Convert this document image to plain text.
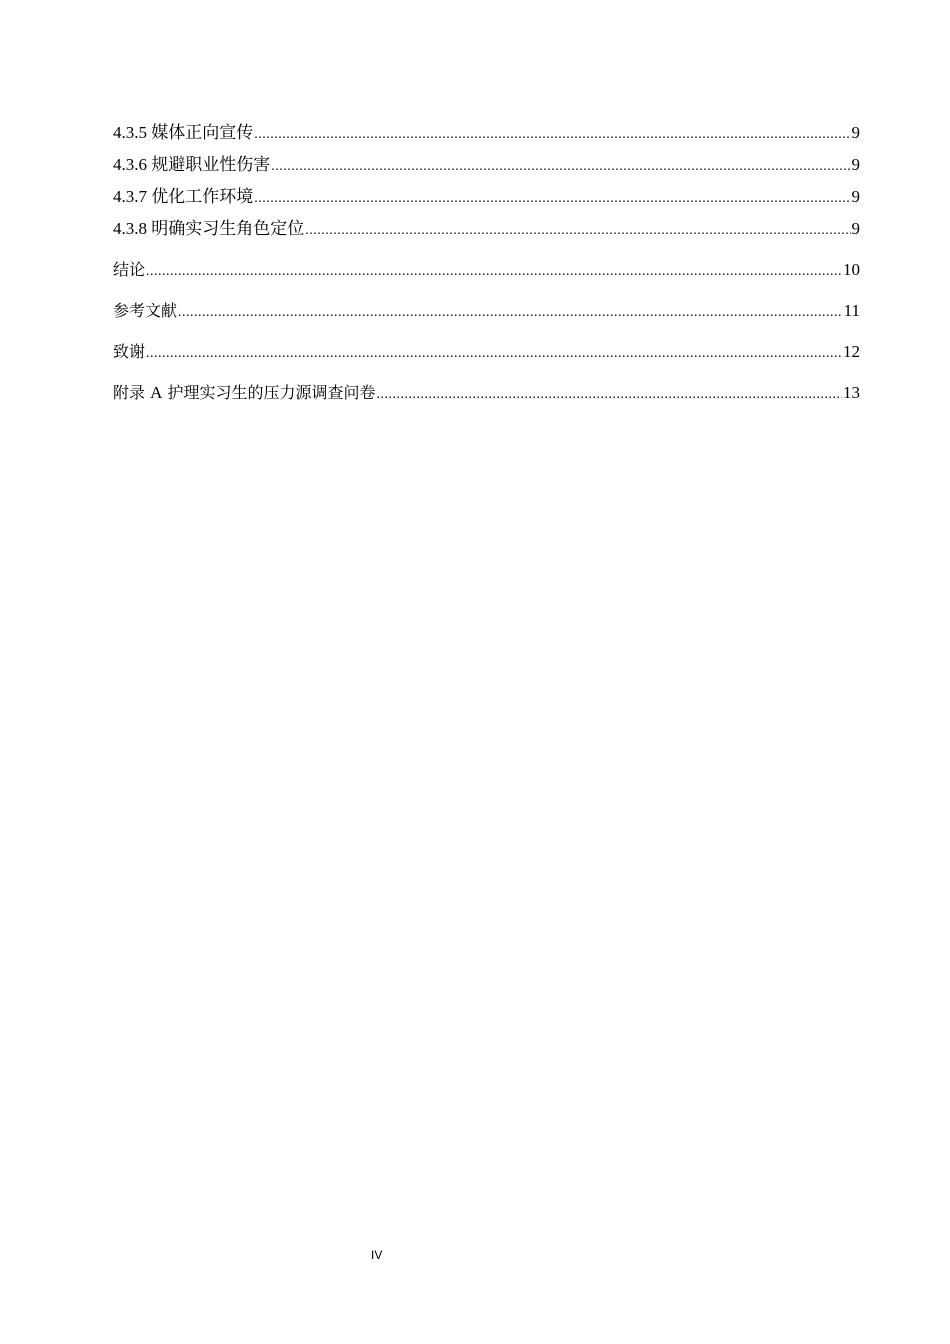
4.3.5 媒体正向宣传 .....	9
4.3.6 规避职业性伤害 .....	9
4.3.7 优化工作环境 .....	9
4.3.8 明确实习生角色定位 .....	9
结论 .....	10
参考文献 .....	11
致谢 .....	12
附录 A 护理实习生的压力源调查问卷 .....	13
IV
